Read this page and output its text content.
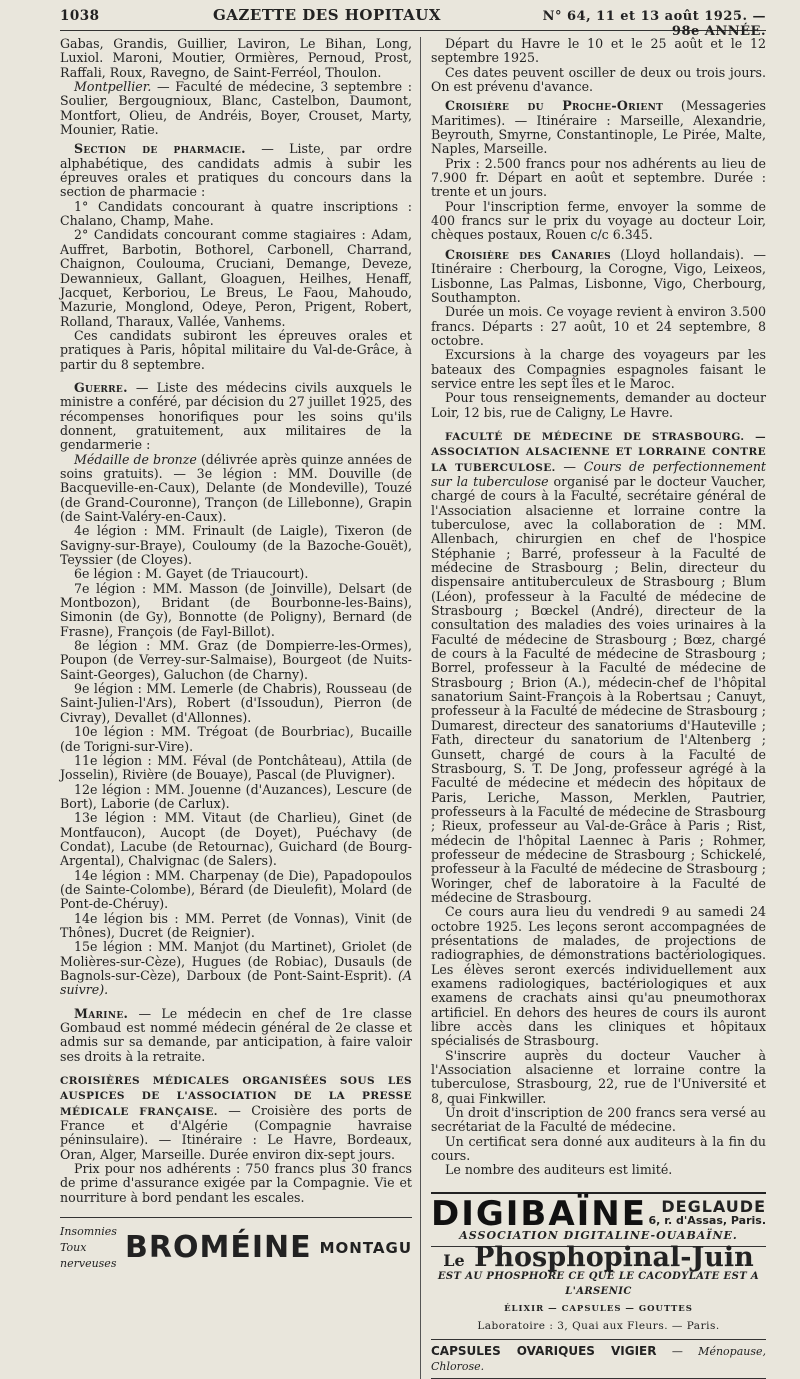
1038	GAZETTE DES HOPITAUX	N° 64, 11 et 13 août 1925. — 98e ANNÉE.

Gabas, Grandis, Guillier, Laviron, Le Bihan, Long, Luxiol. Maroni, Moutier, Ormières, Pernoud, Prost, Raffali, Roux, Ravegno, de Saint-Ferréol, Thoulon.

Montpellier. — Faculté de médecine, 3 septembre : Soulier, Bergougnioux, Blanc, Castelbon, Daumont, Montfort, Olieu, de Andréis, Boyer, Crouset, Marty, Mounier, Ratie.

Section de pharmacie. — Liste, par ordre alphabétique, des candidats admis à subir les épreuves orales et pratiques du concours dans la section de pharmacie :

1° Candidats concourant à quatre inscriptions : Chalano, Champ, Mahe.

2° Candidats concourant comme stagiaires : Adam, Auffret, Barbotin, Bothorel, Carbonell, Charrand, Chaignon, Coulouma, Cruciani, Demange, Deveze, Dewannieux, Gallant, Gloaguen, Heilhes, Henaff, Jacquet, Kerboriou, Le Breus, Le Faou, Mahoudo, Mazurie, Monglond, Odeye, Peron, Prigent, Robert, Rolland, Tharaux, Vallée, Vanhems.

Ces candidats subiront les épreuves orales et pratiques à Paris, hôpital militaire du Val-de-Grâce, à partir du 8 septembre.

Guerre. — Liste des médecins civils auxquels le ministre a conféré, par décision du 27 juillet 1925, des récompenses honorifiques pour les soins qu'ils donnent, gratuitement, aux militaires de la gendarmerie :

Médaille de bronze (délivrée après quinze années de soins gratuits). — 3e légion : MM. Douville (de Bacqueville-en-Caux), Delante (de Mondeville), Touzé (de Grand-Couronne), Trançon (de Lillebonne), Grapin (de Saint-Valéry-en-Caux).

4e légion : MM. Frinault (de Laigle), Tixeron (de Savigny-sur-Braye), Couloumy (de la Bazoche-Gouët), Teyssier (de Cloyes).

6e légion : M. Gayet (de Triaucourt).

7e légion : MM. Masson (de Joinville), Delsart (de Montbozon), Bridant (de Bourbonne-les-Bains), Simonin (de Gy), Bonnotte (de Poligny), Bernard (de Frasne), François (de Fayl-Billot).

8e légion : MM. Graz (de Dompierre-les-Ormes), Poupon (de Verrey-sur-Salmaise), Bourgeot (de Nuits-Saint-Georges), Galuchon (de Charny).

9e légion : MM. Lemerle (de Chabris), Rousseau (de Saint-Julien-l'Ars), Robert (d'Issoudun), Pierron (de Civray), Devallet (d'Allonnes).

10e légion : MM. Trégoat (de Bourbriac), Bucaille (de Torigni-sur-Vire).

11e légion : MM. Féval (de Pontchâteau), Attila (de Josselin), Rivière (de Bouaye), Pascal (de Pluvigner).

12e légion : MM. Jouenne (d'Auzances), Lescure (de Bort), Laborie (de Carlux).

13e légion : MM. Vitaut (de Charlieu), Ginet (de Montfaucon), Aucopt (de Doyet), Puéchavy (de Condat), Lacube (de Retournac), Guichard (de Bourg-Argental), Chalvignac (de Salers).

14e légion : MM. Charpenay (de Die), Papadopoulos (de Sainte-Colombe), Bérard (de Dieulefit), Molard (de Pont-de-Chéruy).

14e légion bis : MM. Perret (de Vonnas), Vinit (de Thônes), Ducret (de Reignier).

15e légion : MM. Manjot (du Martinet), Griolet (de Molières-sur-Cèze), Hugues (de Robiac), Dusauls (de Bagnols-sur-Cèze), Darboux (de Pont-Saint-Esprit). (A suivre).

Marine. — Le médecin en chef de 1re classe Gombaud est nommé médecin général de 2e classe et admis sur sa demande, par anticipation, à faire valoir ses droits à la retraite.

CROISIÈRES MÉDICALES ORGANISÉES SOUS LES AUSPICES DE L'ASSOCIATION DE LA PRESSE MÉDICALE FRANÇAISE. — Croisière des ports de France et d'Algérie (Compagnie havraise péninsulaire). — Itinéraire : Le Havre, Bordeaux, Oran, Alger, Marseille. Durée environ dix-sept jours.

Prix pour nos adhérents : 750 francs plus 30 francs de prime d'assurance exigée par la Compagnie. Vie et nourriture à bord pendant les escales.

Insomnies
Toux nerveuses BROMÉINE MONTAGU

Départ du Havre le 10 et le 25 août et le 12 septembre 1925.

Ces dates peuvent osciller de deux ou trois jours. On est prévenu d'avance.

Croisière du Proche-Orient (Messageries Maritimes). — Itinéraire : Marseille, Alexandrie, Beyrouth, Smyrne, Constantinople, Le Pirée, Malte, Naples, Marseille.

Prix : 2.500 francs pour nos adhérents au lieu de 7.900 fr. Départ en août et septembre. Durée : trente et un jours.

Pour l'inscription ferme, envoyer la somme de 400 francs sur le prix du voyage au docteur Loir, chèques postaux, Rouen c/c 6.345.

Croisière des Canaries (Lloyd hollandais). — Itinéraire : Cherbourg, la Corogne, Vigo, Leixeos, Lisbonne, Las Palmas, Lisbonne, Vigo, Cherbourg, Southampton.

Durée un mois. Ce voyage revient à environ 3.500 francs. Départs : 27 août, 10 et 24 septembre, 8 octobre.

Excursions à la charge des voyageurs par les bateaux des Compagnies espagnoles faisant le service entre les sept îles et le Maroc.

Pour tous renseignements, demander au docteur Loir, 12 bis, rue de Caligny, Le Havre.

FACULTÉ DE MÉDECINE DE STRASBOURG. — ASSOCIATION ALSACIENNE ET LORRAINE CONTRE LA TUBERCULOSE. — Cours de perfectionnement sur la tuberculose organisé par le docteur Vaucher, chargé de cours à la Faculté, secrétaire général de l'Association alsacienne et lorraine contre la tuberculose, avec la collaboration de : MM. Allenbach, chirurgien en chef de l'hospice Stéphanie ; Barré, professeur à la Faculté de médecine de Strasbourg ; Belin, directeur du dispensaire antituberculeux de Strasbourg ; Blum (Léon), professeur à la Faculté de médecine de Strasbourg ; Bœckel (André), directeur de la consultation des maladies des voies urinaires à la Faculté de médecine de Strasbourg ; Bœz, chargé de cours à la Faculté de médecine de Strasbourg ; Borrel, professeur à la Faculté de médecine de Strasbourg ; Brion (A.), médecin-chef de l'hôpital sanatorium Saint-François à la Robertsau ; Canuyt, professeur à la Faculté de médecine de Strasbourg ; Dumarest, directeur des sanatoriums d'Hauteville ; Fath, directeur du sanatorium de l'Altenberg ; Gunsett, chargé de cours à la Faculté de Strasbourg, S. T. De Jong, professeur agrégé à la Faculté de médecine et médecin des hôpitaux de Paris, Leriche, Masson, Merklen, Pautrier, professeurs à la Faculté de médecine de Strasbourg ; Rieux, professeur au Val-de-Grâce à Paris ; Rist, médecin de l'hôpital Laennec à Paris ; Rohmer, professeur de médecine de Strasbourg ; Schickelé, professeur à la Faculté de médecine de Strasbourg ; Woringer, chef de laboratoire à la Faculté de médecine de Strasbourg.

Ce cours aura lieu du vendredi 9 au samedi 24 octobre 1925. Les leçons seront accompagnées de présentations de malades, de projections de radiographies, de démonstrations bactériologiques. Les élèves seront exercés individuellement aux examens radiologiques, bactériologiques et aux examens de crachats ainsi qu'au pneumothorax artificiel. En dehors des heures de cours ils auront libre accès dans les cliniques et hôpitaux spécialisés de Strasbourg.

S'inscrire auprès du docteur Vaucher à l'Association alsacienne et lorraine contre la tuberculose, Strasbourg, 22, rue de l'Université et 8, quai Finkwiller.

Un droit d'inscription de 200 francs sera versé au secrétariat de la Faculté de médecine.

Un certificat sera donné aux auditeurs à la fin du cours.

Le nombre des auditeurs est limité.

DIGIBAÏNE DEGLAUDE
6, r. d'Assas, Paris.
ASSOCIATION DIGITALINE-OUABAÏNE.
Le Phosphopinal-Juin
EST AU PHOSPHORE CE QUE LE CACODYLATE EST A L'ARSENIC
ÉLIXIR — CAPSULES — GOUTTES
Laboratoire : 3, Quai aux Fleurs. — Paris.
CAPSULES OVARIQUES VIGIER — Ménopause, Chlorose.
